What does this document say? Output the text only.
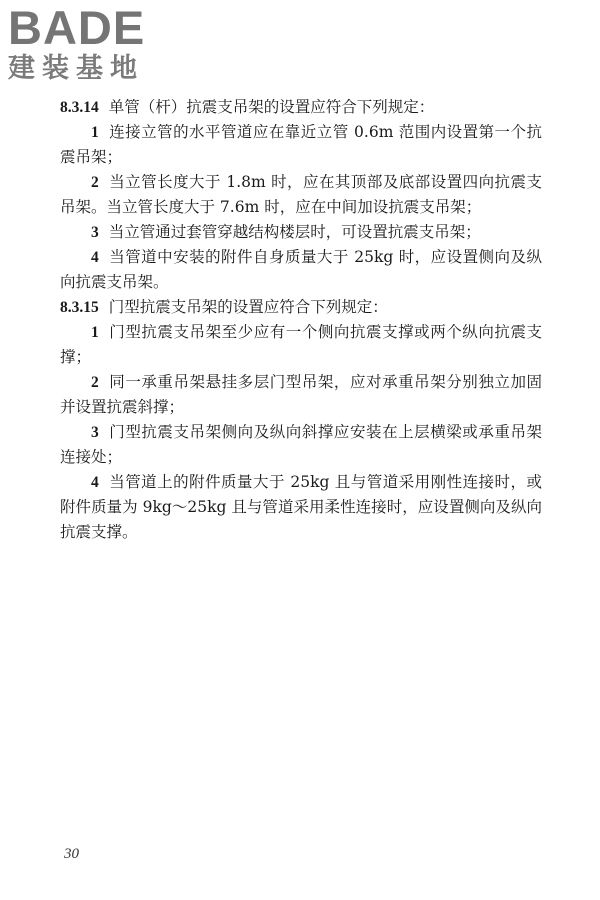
BADE
建装基地

8.3.14 单管（杆）抗震支吊架的设置应符合下列规定：

1 连接立管的水平管道应在靠近立管 0.6m 范围内设置第一个抗震吊架；

2 当立管长度大于 1.8m 时，应在其顶部及底部设置四向抗震支吊架。当立管长度大于 7.6m 时，应在中间加设抗震支吊架；

3 当立管通过套管穿越结构楼层时，可设置抗震支吊架；

4 当管道中安装的附件自身质量大于 25kg 时，应设置侧向及纵向抗震支吊架。

8.3.15 门型抗震支吊架的设置应符合下列规定：

1 门型抗震支吊架至少应有一个侧向抗震支撑或两个纵向抗震支撑；

2 同一承重吊架悬挂多层门型吊架，应对承重吊架分别独立加固并设置抗震斜撑；

3 门型抗震支吊架侧向及纵向斜撑应安装在上层横梁或承重吊架连接处；

4 当管道上的附件质量大于 25kg 且与管道采用刚性连接时，或附件质量为 9kg～25kg 且与管道采用柔性连接时，应设置侧向及纵向抗震支撑。

30
